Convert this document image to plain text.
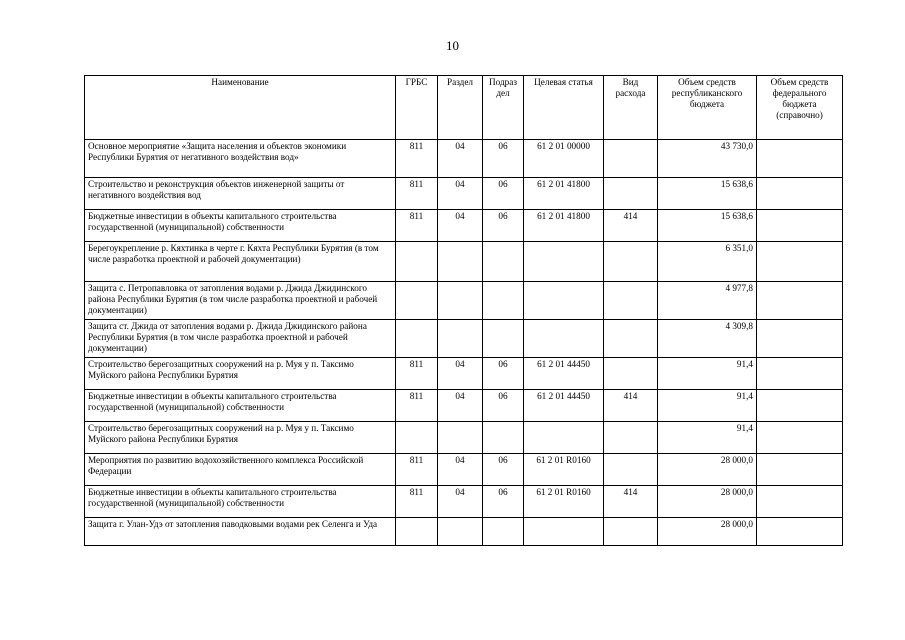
10
Наименование	ГРБС	Раздел	Подраз дел	Целевая статья	Вид расхода	Объем средств республиканского бюджета	Объем средств федерального бюджета (справочно)
Основное мероприятие «Защита населения и объектов экономики Республики Бурятия от негативного воздействия вод»	811	04	06	61 2 01 00000		43 730,0	
Строительство и реконструкция объектов инженерной защиты от негативного воздействия вод	811	04	06	61 2 01 41800		15 638,6	
Бюджетные инвестиции в объекты капитального строительства государственной (муниципальной) собственности	811	04	06	61 2 01 41800	414	15 638,6	
Берегоукрепление р. Кяхтинка в черте г. Кяхта Республики Бурятия (в том числе разработка проектной и рабочей документации)						6 351,0	
Защита с. Петропавловка от затопления водами р. Джида Джидинского района Республики Бурятия (в том числе разработка проектной и рабочей документации)						4 977,8	
Защита ст. Джида от затопления водами р. Джида Джидинского района Республики Бурятия (в том числе разработка проектной и рабочей документации)						4 309,8	
Строительство берегозащитных сооружений на р. Муя у п. Таксимо Муйского района Республики Бурятия	811	04	06	61 2 01 44450		91,4	
Бюджетные инвестиции в объекты капитального строительства государственной (муниципальной) собственности	811	04	06	61 2 01 44450	414	91,4	
Строительство берегозащитных сооружений на р. Муя у п. Таксимо Муйского района Республики Бурятия						91,4	
Мероприятия по развитию водохозяйственного комплекса Российской Федерации	811	04	06	61 2 01 R0160		28 000,0	
Бюджетные инвестиции в объекты капитального строительства государственной (муниципальной) собственности	811	04	06	61 2 01 R0160	414	28 000,0	
Защита г. Улан-Удэ от затопления паводковыми водами рек Селенга и Уда						28 000,0	
